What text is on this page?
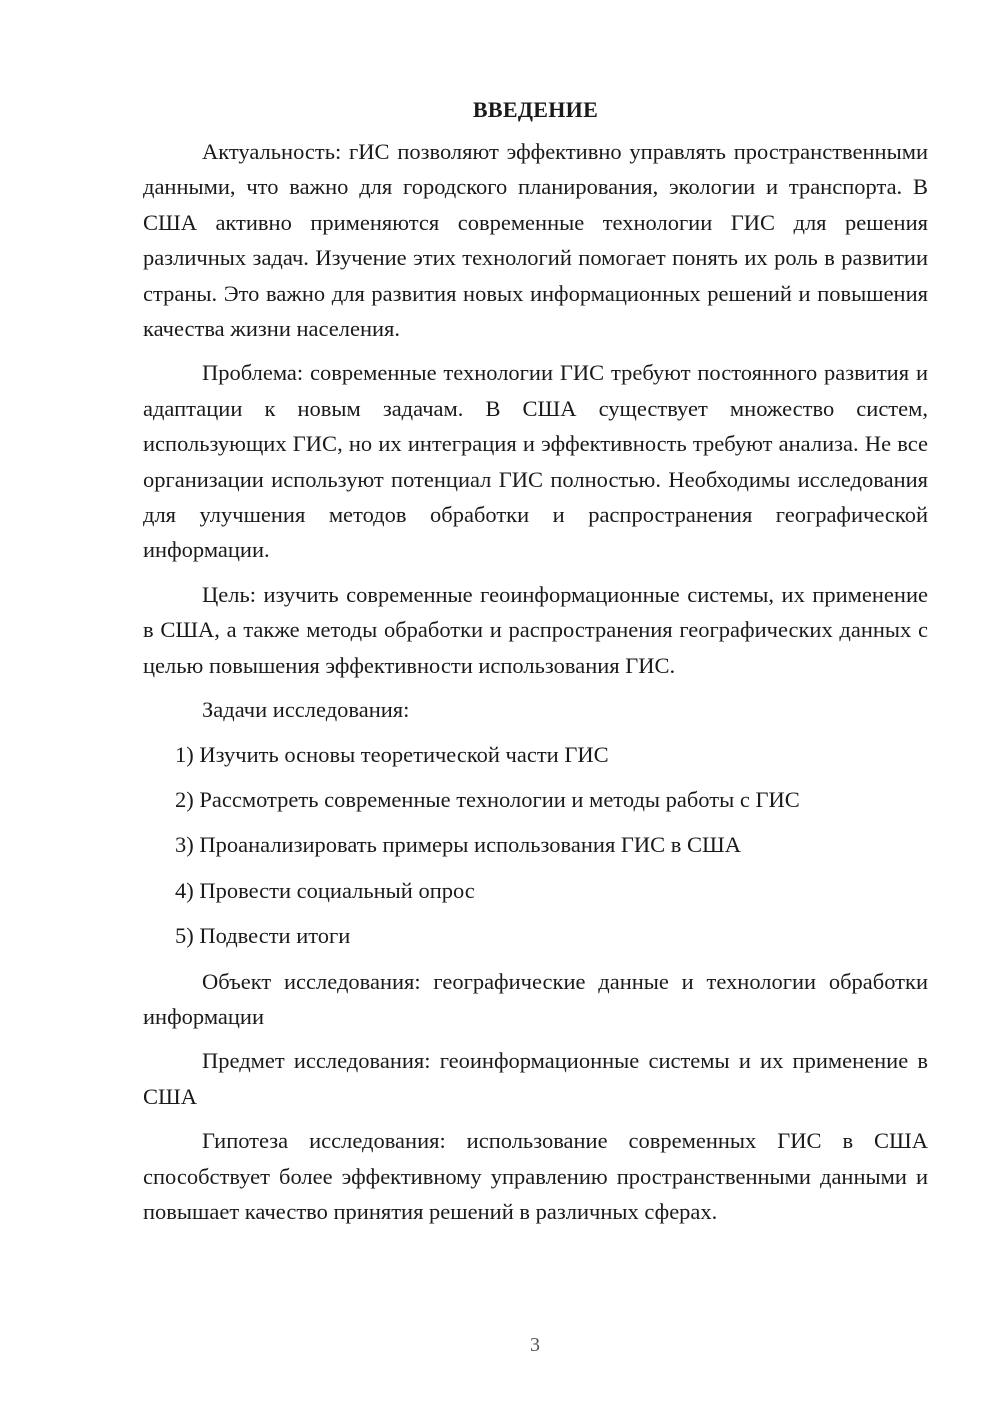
ВВЕДЕНИЕ

Актуальность: гИС позволяют эффективно управлять пространственными данными, что важно для городского планирования, экологии и транспорта. В США активно применяются современные технологии ГИС для решения различных задач. Изучение этих технологий помогает понять их роль в развитии страны. Это важно для развития новых информационных решений и повышения качества жизни населения.

Проблема: современные технологии ГИС требуют постоянного развития и адаптации к новым задачам. В США существует множество систем, использующих ГИС, но их интеграция и эффективность требуют анализа. Не все организации используют потенциал ГИС полностью. Необходимы исследования для улучшения методов обработки и распространения географической информации.

Цель: изучить современные геоинформационные системы, их применение в США, а также методы обработки и распространения географических данных с целью повышения эффективности использования ГИС.

Задачи исследования:

1) Изучить основы теоретической части ГИС
2) Рассмотреть современные технологии и методы работы с ГИС
3) Проанализировать примеры использования ГИС в США
4) Провести социальный опрос
5) Подвести итоги

Объект исследования: географические данные и технологии обработки информации

Предмет исследования: геоинформационные системы и их применение в США

Гипотеза исследования: использование современных ГИС в США способствует более эффективному управлению пространственными данными и повышает качество принятия решений в различных сферах.

3
